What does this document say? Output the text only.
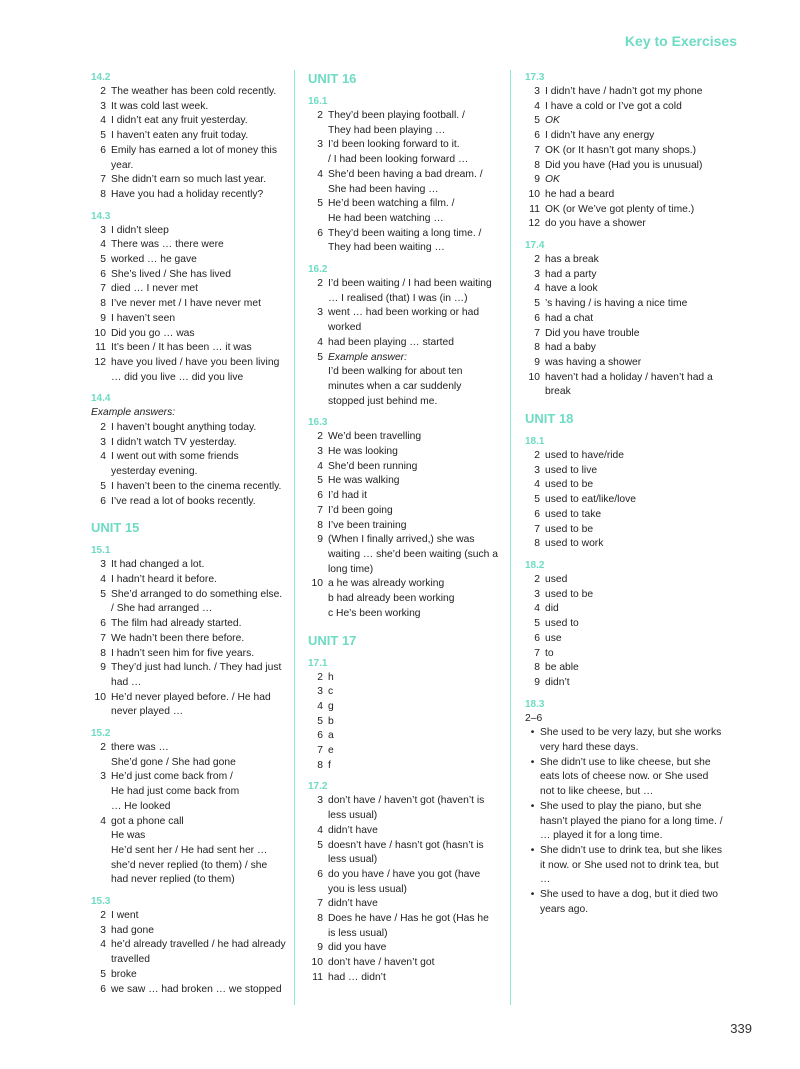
Key to Exercises
14.2
2 The weather has been cold recently.
3 It was cold last week.
4 I didn’t eat any fruit yesterday.
5 I haven’t eaten any fruit today.
6 Emily has earned a lot of money this year.
7 She didn’t earn so much last year.
8 Have you had a holiday recently?
14.3
3 I didn’t sleep
4 There was … there were
5 worked … he gave
6 She’s lived / She has lived
7 died … I never met
8 I’ve never met / I have never met
9 I haven’t seen
10 Did you go … was
11 It’s been / It has been … it was
12 have you lived / have you been living … did you live … did you live
14.4
Example answers:
2 I haven’t bought anything today.
3 I didn’t watch TV yesterday.
4 I went out with some friends yesterday evening.
5 I haven’t been to the cinema recently.
6 I’ve read a lot of books recently.
UNIT 15
15.1
3 It had changed a lot.
4 I hadn’t heard it before.
5 She’d arranged to do something else. / She had arranged …
6 The film had already started.
7 We hadn’t been there before.
8 I hadn’t seen him for five years.
9 They’d just had lunch. / They had just had …
10 He’d never played before. / He had never played …
15.2
2 there was …
She’d gone / She had gone
3 He’d just come back from /
He had just come back from
… He looked
4 got a phone call
He was
He’d sent her / He had sent her … she’d never replied (to them) / she had never replied (to them)
15.3
2 I went
3 had gone
4 he’d already travelled / he had already travelled
5 broke
6 we saw … had broken … we stopped
UNIT 16
16.1
2 They’d been playing football. /
They had been playing …
3 I’d been looking forward to it.
/ I had been looking forward …
4 She’d been having a bad dream. /
She had been having …
5 He’d been watching a film. /
He had been watching …
6 They’d been waiting a long time. /
They had been waiting …
16.2
2 I’d been waiting / I had been waiting … I realised (that) I was (in …)
3 went … had been working or had worked
4 had been playing … started
5 Example answer:
I’d been walking for about ten minutes when a car suddenly stopped just behind me.
16.3
2 We’d been travelling
3 He was looking
4 She’d been running
5 He was walking
6 I’d had it
7 I’d been going
8 I’ve been training
9 (When I finally arrived,) she was waiting … she’d been waiting (such a long time)
10 a he was already working
b had already been working
c He’s been working
UNIT 17
17.1
2 h
3 c
4 g
5 b
6 a
7 e
8 f
17.2
3 don’t have / haven’t got (haven’t is less usual)
4 didn’t have
5 doesn’t have / hasn’t got (hasn’t is less usual)
6 do you have / have you got (have you is less usual)
7 didn’t have
8 Does he have / Has he got (Has he is less usual)
9 did you have
10 don’t have / haven’t got
11 had … didn’t
17.3
3 I didn’t have / hadn’t got my phone
4 I have a cold or I’ve got a cold
5 OK
6 I didn’t have any energy
7 OK (or It hasn’t got many shops.)
8 Did you have (Had you is unusual)
9 OK
10 he had a beard
11 OK (or We’ve got plenty of time.)
12 do you have a shower
17.4
2 has a break
3 had a party
4 have a look
5 ’s having / is having a nice time
6 had a chat
7 Did you have trouble
8 had a baby
9 was having a shower
10 haven’t had a holiday / haven’t had a break
UNIT 18
18.1
2 used to have/ride
3 used to live
4 used to be
5 used to eat/like/love
6 used to take
7 used to be
8 used to work
18.2
2 used
3 used to be
4 did
5 used to
6 use
7 to
8 be able
9 didn’t
18.3
2–6
• She used to be very lazy, but she works very hard these days.
• She didn’t use to like cheese, but she eats lots of cheese now. or She used not to like cheese, but …
• She used to play the piano, but she hasn’t played the piano for a long time. / … played it for a long time.
• She didn’t use to drink tea, but she likes it now. or She used not to drink tea, but …
• She used to have a dog, but it died two years ago.
339
